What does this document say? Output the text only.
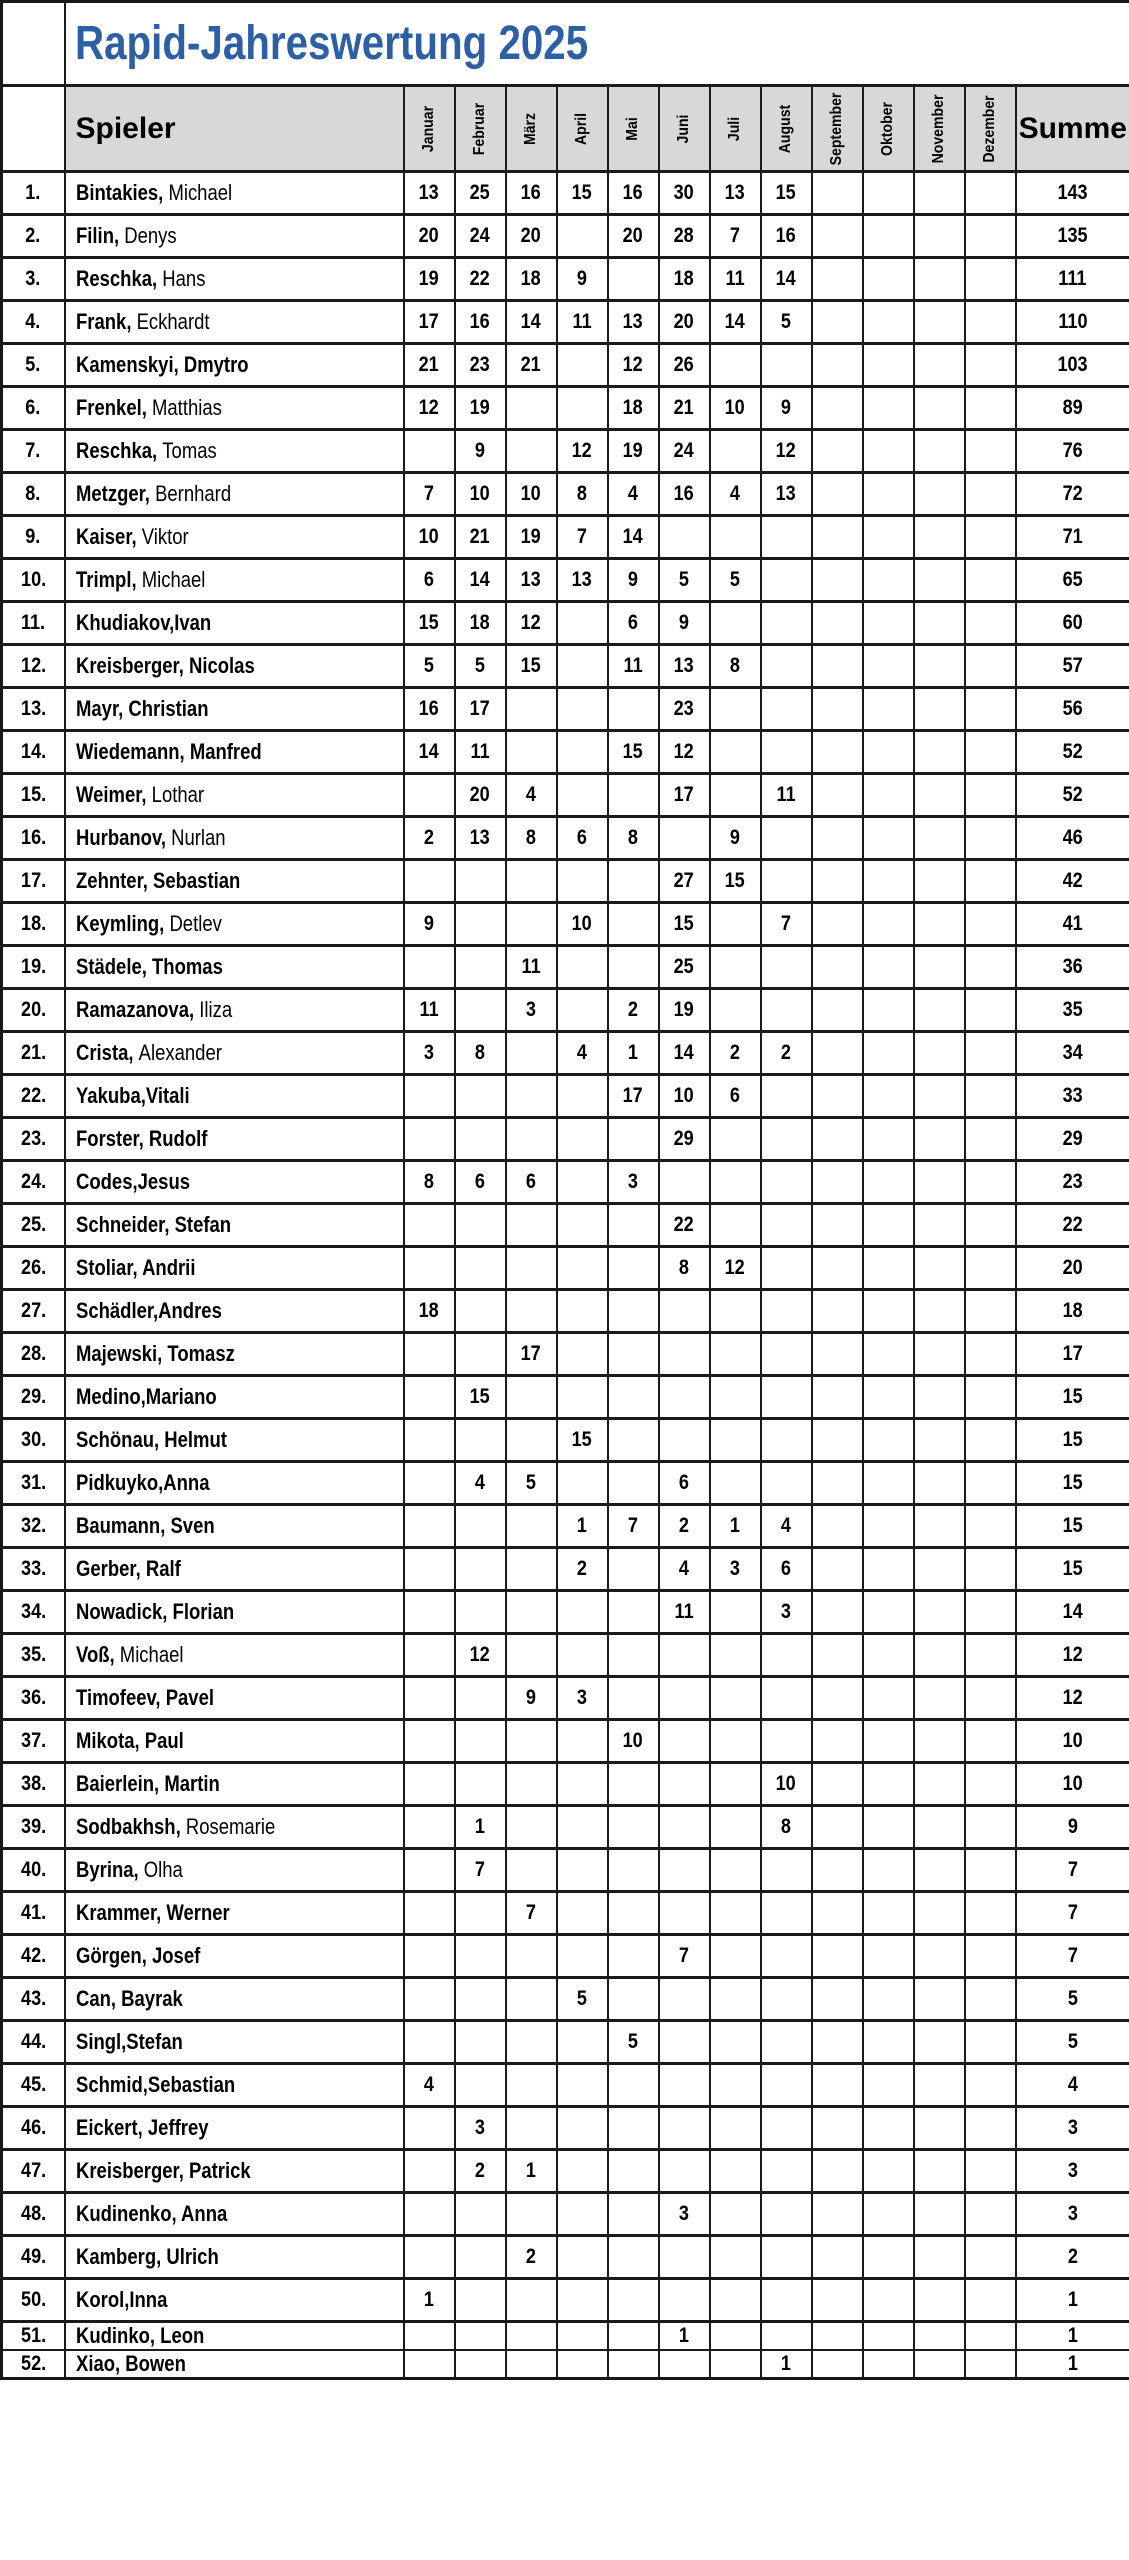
	Rapid-Jahreswertung 2025													
	Spieler	Januar	Februar	März	April	Mai	Juni	Juli	August	September	Oktober	November	Dezember	Summe
1.	Bintakies, Michael	13	25	16	15	16	30	13	15					143
2.	Filin, Denys	20	24	20		20	28	7	16					135
3.	Reschka, Hans	19	22	18	9		18	11	14					111
4.	Frank, Eckhardt	17	16	14	11	13	20	14	5					110
5.	Kamenskyi, Dmytro	21	23	21		12	26							103
6.	Frenkel, Matthias	12	19			18	21	10	9					89
7.	Reschka, Tomas		9		12	19	24		12					76
8.	Metzger, Bernhard	7	10	10	8	4	16	4	13					72
9.	Kaiser, Viktor	10	21	19	7	14								71
10.	Trimpl, Michael	6	14	13	13	9	5	5						65
11.	Khudiakov,Ivan	15	18	12		6	9							60
12.	Kreisberger, Nicolas	5	5	15		11	13	8						57
13.	Mayr, Christian	16	17				23							56
14.	Wiedemann, Manfred	14	11			15	12							52
15.	Weimer, Lothar		20	4			17		11					52
16.	Hurbanov, Nurlan	2	13	8	6	8		9						46
17.	Zehnter, Sebastian						27	15						42
18.	Keymling, Detlev	9			10		15		7					41
19.	Städele, Thomas			11			25							36
20.	Ramazanova, Iliza	11		3		2	19							35
21.	Crista, Alexander	3	8		4	1	14	2	2					34
22.	Yakuba,Vitali					17	10	6						33
23.	Forster, Rudolf						29							29
24.	Codes,Jesus	8	6	6		3								23
25.	Schneider, Stefan						22							22
26.	Stoliar, Andrii						8	12						20
27.	Schädler,Andres	18												18
28.	Majewski, Tomasz			17										17
29.	Medino,Mariano		15											15
30.	Schönau, Helmut				15									15
31.	Pidkuyko,Anna		4	5			6							15
32.	Baumann, Sven				1	7	2	1	4					15
33.	Gerber, Ralf				2		4	3	6					15
34.	Nowadick, Florian						11		3					14
35.	Voß, Michael		12											12
36.	Timofeev, Pavel			9	3									12
37.	Mikota, Paul					10								10
38.	Baierlein, Martin								10					10
39.	Sodbakhsh, Rosemarie		1						8					9
40.	Byrina, Olha		7											7
41.	Krammer, Werner			7										7
42.	Görgen, Josef						7							7
43.	Can, Bayrak				5									5
44.	Singl,Stefan					5								5
45.	Schmid,Sebastian	4												4
46.	Eickert, Jeffrey		3											3
47.	Kreisberger, Patrick		2	1										3
48.	Kudinenko, Anna						3							3
49.	Kamberg, Ulrich			2										2
50.	Korol,Inna	1												1
51.	Kudinko, Leon						1							1
52.	Xiao, Bowen								1					1
